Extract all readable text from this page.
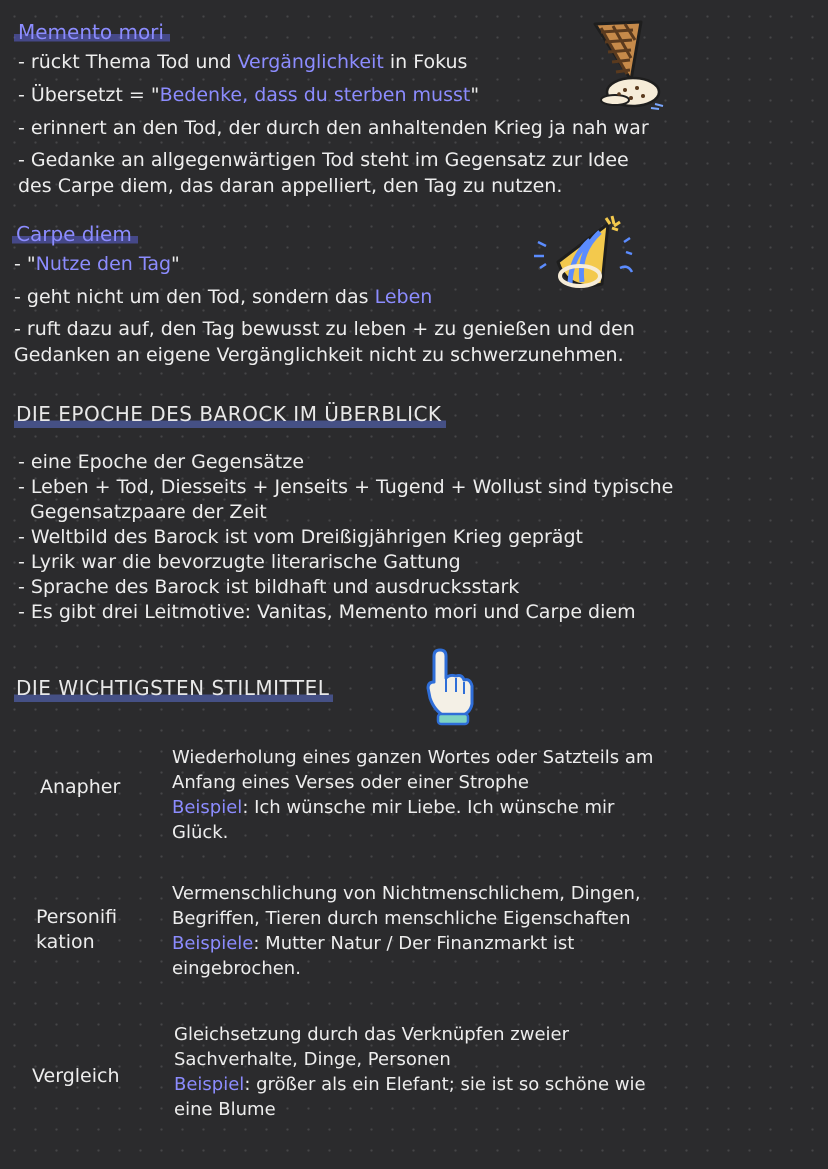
Memento mori
- rückt Thema Tod und Vergänglichkeit in Fokus
- Übersetzt = "Bedenke, dass du sterben musst"
- erinnert an den Tod, der durch den anhaltenden Krieg ja nah war
- Gedanke an allgegenwärtigen Tod steht im Gegensatz zur Idee
des Carpe diem, das daran appelliert, den Tag zu nutzen.
Carpe diem
- "Nutze den Tag"
- geht nicht um den Tod, sondern das Leben
- ruft dazu auf, den Tag bewusst zu leben + zu genießen und den
Gedanken an eigene Vergänglichkeit nicht zu schwerzunehmen.
DIE EPOCHE DES BAROCK IM ÜBERBLICK
- eine Epoche der Gegensätze
- Leben + Tod, Diesseits + Jenseits + Tugend + Wollust sind typische
Gegensatzpaare der Zeit
- Weltbild des Barock ist vom Dreißigjährigen Krieg geprägt
- Lyrik war die bevorzugte literarische Gattung
- Sprache des Barock ist bildhaft und ausdrucksstark
- Es gibt drei Leitmotive: Vanitas, Memento mori und Carpe diem
DIE WICHTIGSTEN STILMITTEL
Anapher
Wiederholung eines ganzen Wortes oder Satzteils am
Anfang eines Verses oder einer Strophe
Beispiel: Ich wünsche mir Liebe. Ich wünsche mir
Glück.
Personifi
kation
Vermenschlichung von Nichtmenschlichem, Dingen,
Begriffen, Tieren durch menschliche Eigenschaften
Beispiele: Mutter Natur / Der Finanzmarkt ist
eingebrochen.
Vergleich
Gleichsetzung durch das Verknüpfen zweier
Sachverhalte, Dinge, Personen
Beispiel: größer als ein Elefant; sie ist so schöne wie
eine Blume
